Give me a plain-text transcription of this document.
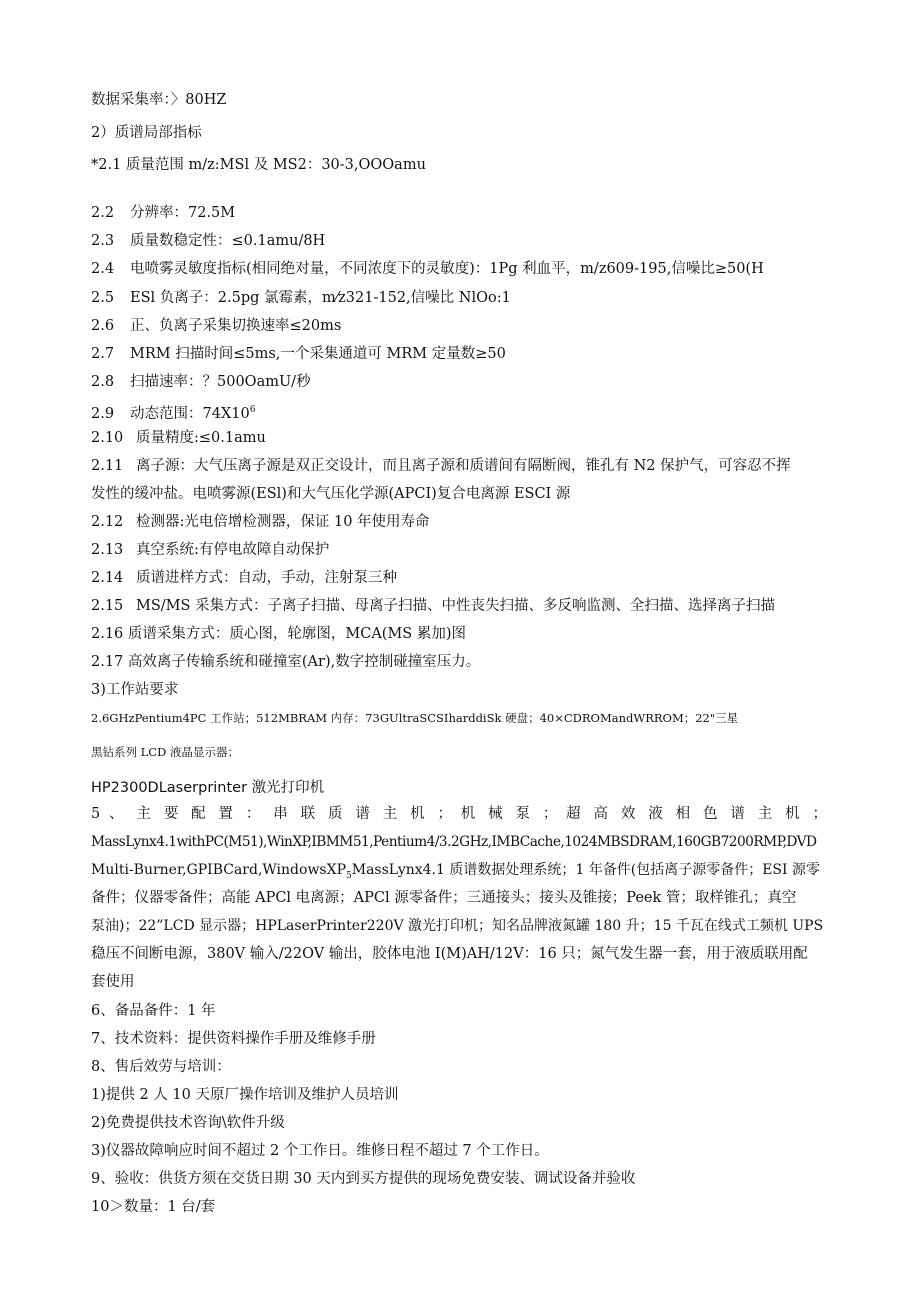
数据采集率：〉80HZ
2）质谱局部指标
*2.1 质量范围 m/z:MSl 及 MS2：30-3,OOOamu
2.2 分辨率：72.5M
2.3 质量数稳定性：≤0.1amu/8H
2.4 电喷雾灵敏度指标(相同绝对量，不同浓度下的灵敏度)：1Pg 利血平，m/z609-195,信噪比≥50(H
2.5 ESl 负离子：2.5pg 氯霉素，m⁄z321-152,信噪比 NlOo:1
2.6 正、负离子采集切换速率≤20ms
2.7 MRM 扫描时间≤5ms,一个采集通道可 MRM 定量数≥50
2.8 扫描速率：？500OamU/秒
2.9 动态范围：$74X10^6$
2.10 质量精度:≤0.1amu
2.11 离子源：大气压离子源是双正交设计，而且离子源和质谱间有隔断阀，锥孔有 N2 保护气，可容忍不挥
发性的缓冲盐。电喷雾源(ESl)和大气压化学源(APCI)复合电离源 ESCI 源
2.12 检测器:光电倍增检测器，保证 10 年使用寿命
2.13 真空系统:有停电故障自动保护
2.14 质谱进样方式：自动，手动，注射泵三种
2.15 MS/MS 采集方式：子离子扫描、母离子扫描、中性丧失扫描、多反响监测、全扫描、选择离子扫描
2.16 质谱采集方式：质心图，轮廓图，MCA(MS 累加)图
2.17 高效离子传输系统和碰撞室(Ar),数字控制碰撞室压力。
3)工作站要求
2.6GHzPentium4PC 工作站；512MBRAM 内存：73GUltraSCSIharddiSk 硬盘；40×CDROMandWRROM；22"三星
黑钻系列 LCD 液晶显示器；
HP2300DLaserprinter 激光打印机
5 、 主 要 配 置 ： 串 联 质 谱 主 机 ； 机 械 泵 ； 超 高 效 液 相 色 谱 主 机 ；
MassLynx4.1withPC(M51),WinXP,IBMM51,Pentium4/3.2GHz,IMBCache,1024MBSDRAM,160GB7200RMP,DVD
Multi-Burner,GPIBCard,WindowsXP$_5$MassLynx4.1 质谱数据处理系统；1 年备件(包括离子源零备件；ESI 源零
备件；仪器零备件；高能 APCl 电离源；APCl 源零备件；三通接头；接头及锥接；Peek 管；取样锥孔；真空
泵油)；22”LCD 显示器；HPLaserPrinter220V 激光打印机；知名品牌液氮罐 180 升；15 千瓦在线式工频机 UPS
稳压不间断电源，380V 输入/22OV 输出，胶体电池 I(M)AH/12V：16 只；氮气发生器一套，用于液质联用配
套使用
6、备品备件：1 年
7、技术资料：提供资料操作手册及维修手册
8、售后效劳与培训：
1)提供 2 人 10 天原厂操作培训及维护人员培训
2)免费提供技术咨询\软件升级
3)仪器故障响应时间不超过 2 个工作日。维修日程不超过 7 个工作日。
9、验收：供货方须在交货日期 30 天内到买方提供的现场免费安装、调试设备并验收
10＞数量：1 台/套
